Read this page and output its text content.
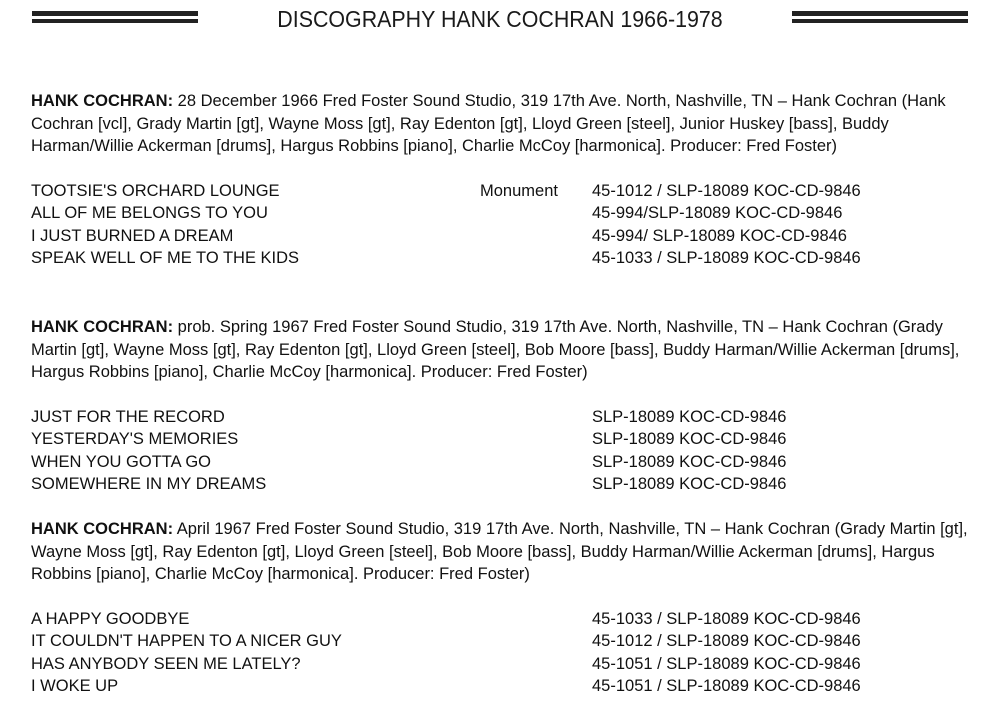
DISCOGRAPHY HANK COCHRAN 1966-1978

HANK COCHRAN: 28 December 1966 Fred Foster Sound Studio, 319 17th Ave. North, Nashville, TN – Hank Cochran (Hank Cochran [vcl], Grady Martin [gt], Wayne Moss [gt], Ray Edenton [gt], Lloyd Green [steel], Junior Huskey [bass], Buddy Harman/Willie Ackerman [drums], Hargus Robbins [piano], Charlie McCoy [harmonica]. Producer: Fred Foster)

TOOTSIE'S ORCHARD LOUNGE	Monument 45-1012 / SLP-18089 KOC-CD-9846
ALL OF ME BELONGS TO YOU	45-994/SLP-18089 KOC-CD-9846
I JUST BURNED A DREAM	45-994/ SLP-18089 KOC-CD-9846
SPEAK WELL OF ME TO THE KIDS	45-1033 / SLP-18089 KOC-CD-9846

HANK COCHRAN: prob. Spring 1967 Fred Foster Sound Studio, 319 17th Ave. North, Nashville, TN – Hank Cochran (Grady Martin [gt], Wayne Moss [gt], Ray Edenton [gt], Lloyd Green [steel], Bob Moore [bass], Buddy Harman/Willie Ackerman [drums], Hargus Robbins [piano], Charlie McCoy [harmonica]. Producer: Fred Foster)

JUST FOR THE RECORD	SLP-18089 KOC-CD-9846
YESTERDAY'S MEMORIES	SLP-18089 KOC-CD-9846
WHEN YOU GOTTA GO	SLP-18089 KOC-CD-9846
SOMEWHERE IN MY DREAMS	SLP-18089 KOC-CD-9846

HANK COCHRAN: April 1967 Fred Foster Sound Studio, 319 17th Ave. North, Nashville, TN – Hank Cochran (Grady Martin [gt], Wayne Moss [gt], Ray Edenton [gt], Lloyd Green [steel], Bob Moore [bass], Buddy Harman/Willie Ackerman [drums], Hargus Robbins [piano], Charlie McCoy [harmonica]. Producer: Fred Foster)

A HAPPY GOODBYE	45-1033 / SLP-18089 KOC-CD-9846
IT COULDN'T HAPPEN TO A NICER GUY	45-1012 / SLP-18089 KOC-CD-9846
HAS ANYBODY SEEN ME LATELY?	45-1051 / SLP-18089 KOC-CD-9846
I WOKE UP	45-1051 / SLP-18089 KOC-CD-9846
